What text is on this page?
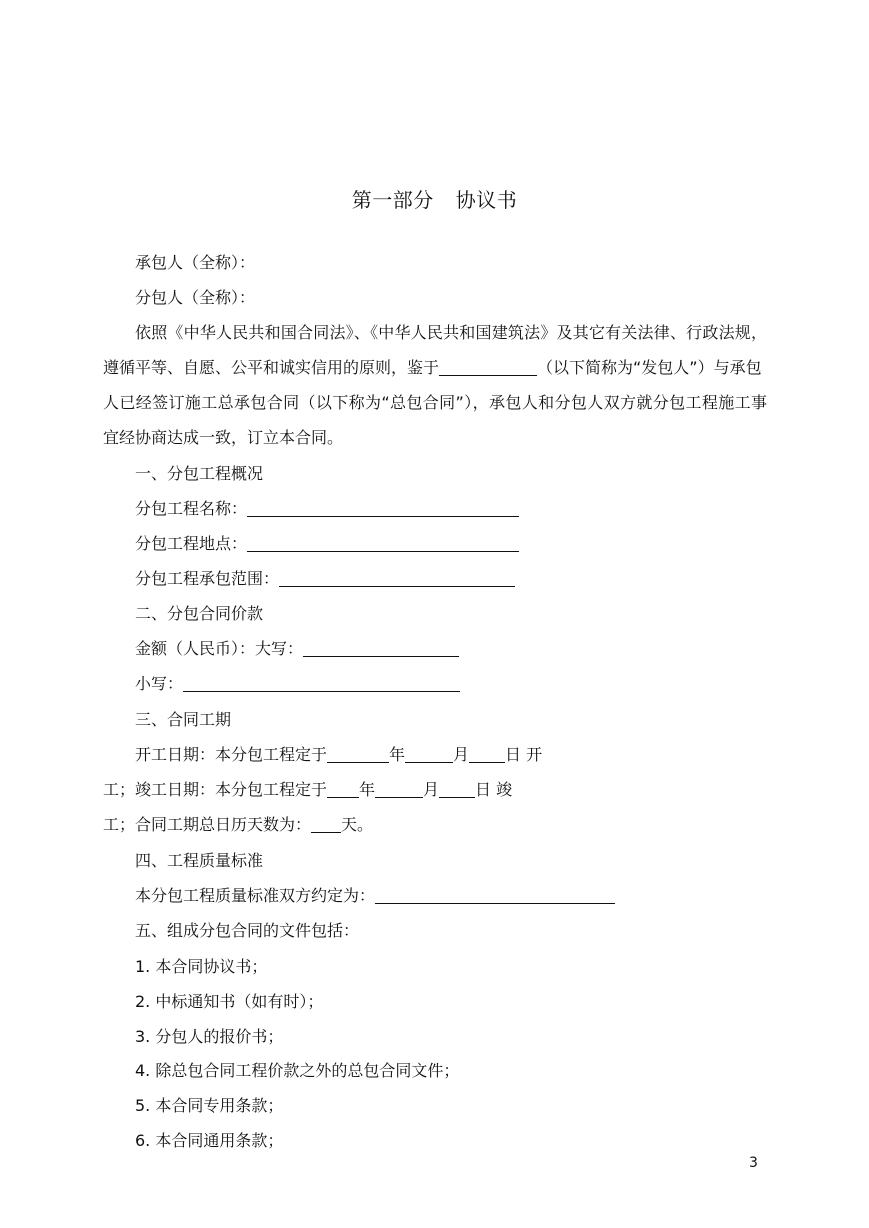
第一部分 协议书
承包人（全称）：
分包人（全称）：
依照《中华人民共和国合同法》、《中华人民共和国建筑法》及其它有关法律、行政法规，
遵循平等、自愿、公平和诚实信用的原则，鉴于	（以下简称为“发包人”）与承包
人已经签订施工总承包合同（以下称为“总包合同”），承包人和分包人双方就分包工程施工事
宜经协商达成一致，订立本合同。
一、分包工程概况
分包工程名称：
分包工程地点：
分包工程承包范围：
二、分包合同价款
金额（人民币）：大写：
小写：
三、合同工期
开工日期：本分包工程定于	年	月 日 开
工；竣工日期：本分包工程定于 年	月 日 竣
工；合同工期总日历天数为： 天。
四、工程质量标准
本分包工程质量标准双方约定为：
五、组成分包合同的文件包括：
1. 本合同协议书；
2. 中标通知书（如有时）；
3. 分包人的报价书；
4. 除总包合同工程价款之外的总包合同文件；
5. 本合同专用条款；
6. 本合同通用条款；
3
